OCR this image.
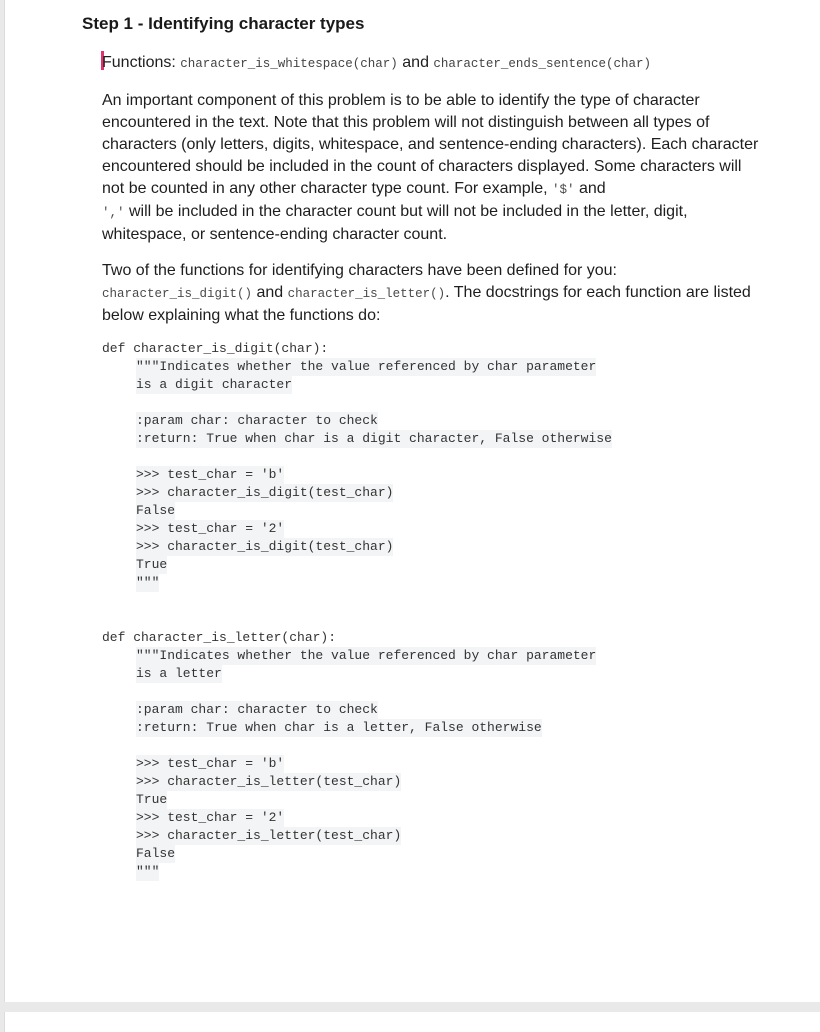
Step 1 - Identifying character types
Functions: character_is_whitespace(char) and character_ends_sentence(char)

An important component of this problem is to be able to identify the type of character encountered in the text. Note that this problem will not distinguish between all types of characters (only letters, digits, whitespace, and sentence-ending characters). Each character encountered should be included in the count of characters displayed. Some characters will not be counted in any other character type count. For example, '$' and
',' will be included in the character count but will not be included in the letter, digit, whitespace, or sentence-ending character count.

Two of the functions for identifying characters have been defined for you:
character_is_digit() and character_is_letter(). The docstrings for each function are listed below explaining what the functions do:

def character_is_digit(char):
"""Indicates whether the value referenced by char parameter
is a digit character
:param char: character to check
:return: True when char is a digit character, False otherwise
>>> test_char = 'b'
>>> character_is_digit(test_char)
False
>>> test_char = '2'
>>> character_is_digit(test_char)
True
"""
def character_is_letter(char):
"""Indicates whether the value referenced by char parameter
is a letter
:param char: character to check
:return: True when char is a letter, False otherwise
>>> test_char = 'b'
>>> character_is_letter(test_char)
True
>>> test_char = '2'
>>> character_is_letter(test_char)
False
"""
